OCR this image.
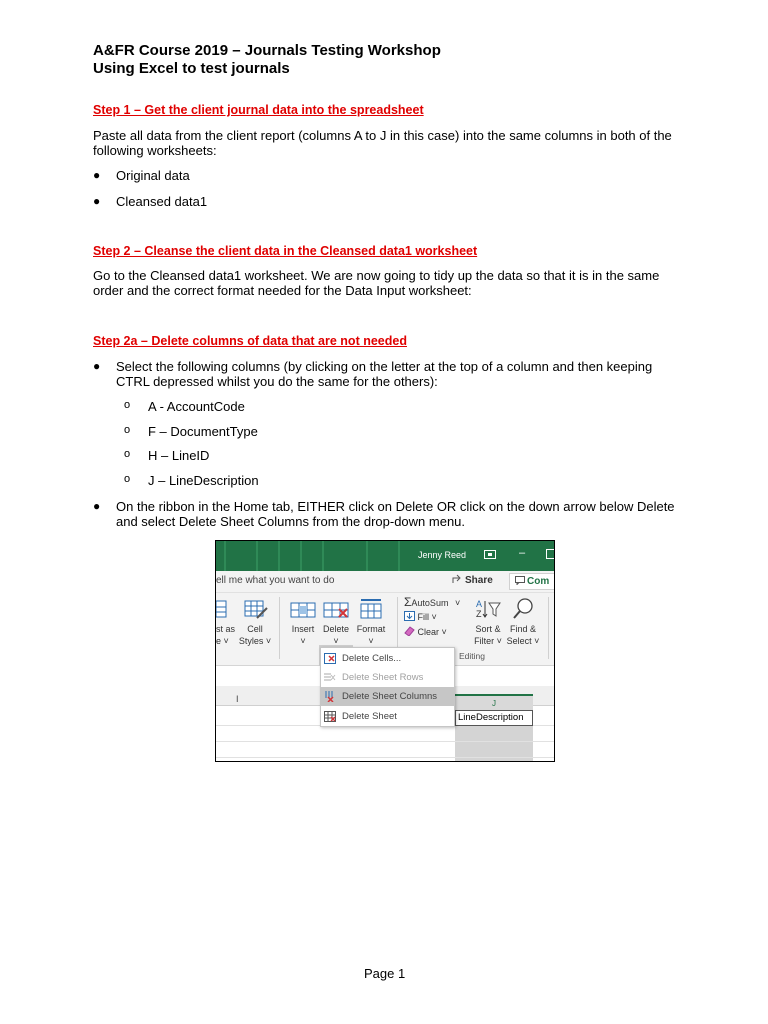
A&FR Course 2019 – Journals Testing Workshop
Using Excel to test journals
Step 1 – Get the client journal data into the spreadsheet
Paste all data from the client report (columns A to J in this case) into the same columns in both of the following worksheets:
● Original data
● Cleansed data1
Step 2 – Cleanse the client data in the Cleansed data1 worksheet
Go to the Cleansed data1 worksheet. We are now going to tidy up the data so that it is in the same order and the correct format needed for the Data Input worksheet:
Step 2a – Delete columns of data that are not needed
● Select the following columns (by clicking on the letter at the top of a column and then keeping CTRL depressed whilst you do the same for the others):
o A - AccountCode
o F – DocumentType
o H – LineID
o J – LineDescription
● On the ribbon in the Home tab, EITHER click on Delete OR click on the down arrow below Delete and select Delete Sheet Columns from the drop-down menu.
Jenny Reed	–
ell me what you want to do	Share	Com
st as
e ˅
Cell
Styles ˅
Insert
˅
Delete
˅
Format
˅
ΣAutoSum ˅
Fill ˅
Clear ˅
A
Z
Sort &
Filter ˅
Find &
Select ˅
Editing
I	J
LineDescription
Delete Cells...
Delete Sheet Rows
Delete Sheet Columns
Delete Sheet
Page 1
